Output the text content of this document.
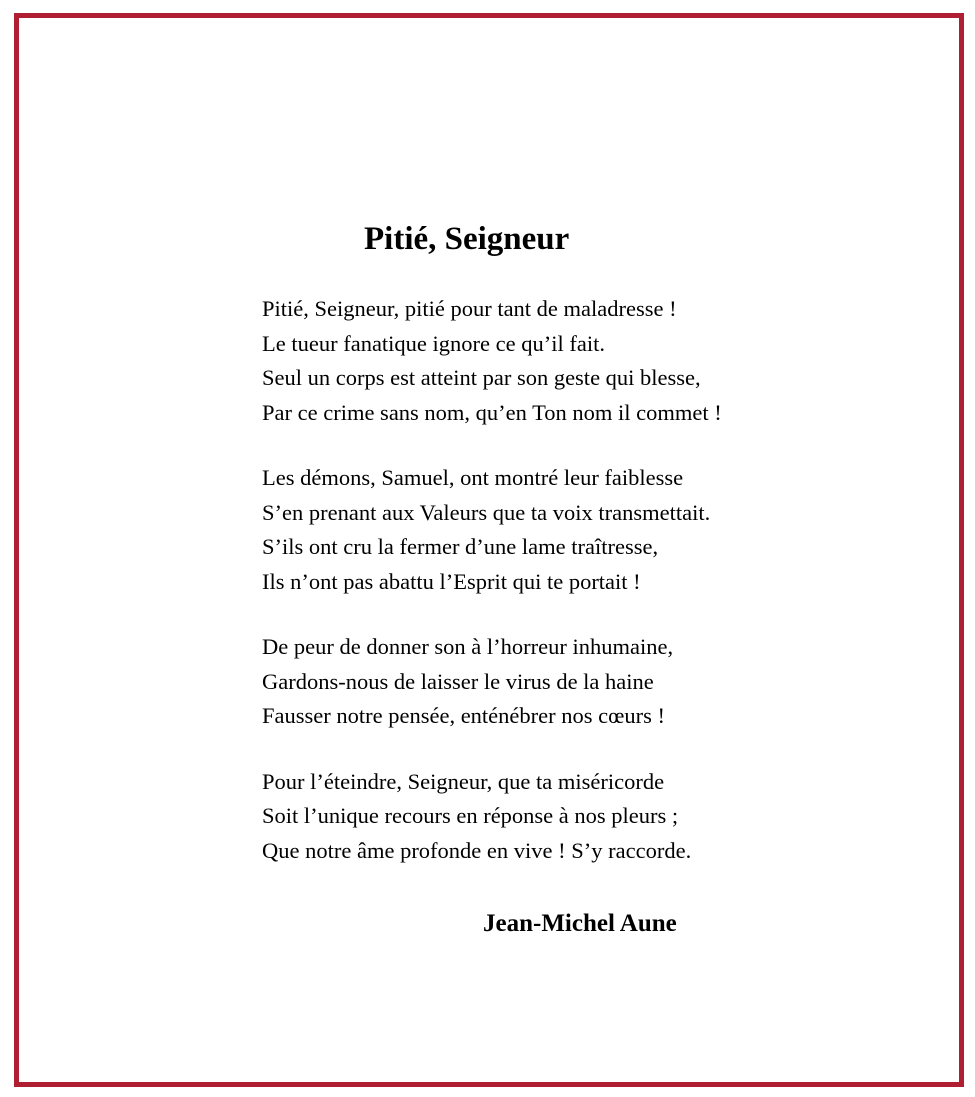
Pitié, Seigneur
Pitié, Seigneur, pitié pour tant de maladresse !
Le tueur fanatique ignore ce qu’il fait.
Seul un corps est atteint par son geste qui blesse,
Par ce crime sans nom, qu’en Ton nom il commet !
Les démons, Samuel, ont montré leur faiblesse
S’en prenant aux Valeurs que ta voix transmettait.
S’ils ont cru la fermer d’une lame traîtresse,
Ils n’ont pas abattu l’Esprit qui te portait !
De peur de donner son à l’horreur inhumaine,
Gardons-nous de laisser le virus de la haine
Fausser notre pensée, enténébrer nos cœurs !
Pour l’éteindre, Seigneur, que ta miséricorde
Soit l’unique recours en réponse à nos pleurs ;
Que notre âme profonde en vive ! S’y raccorde.

Jean-Michel Aune
